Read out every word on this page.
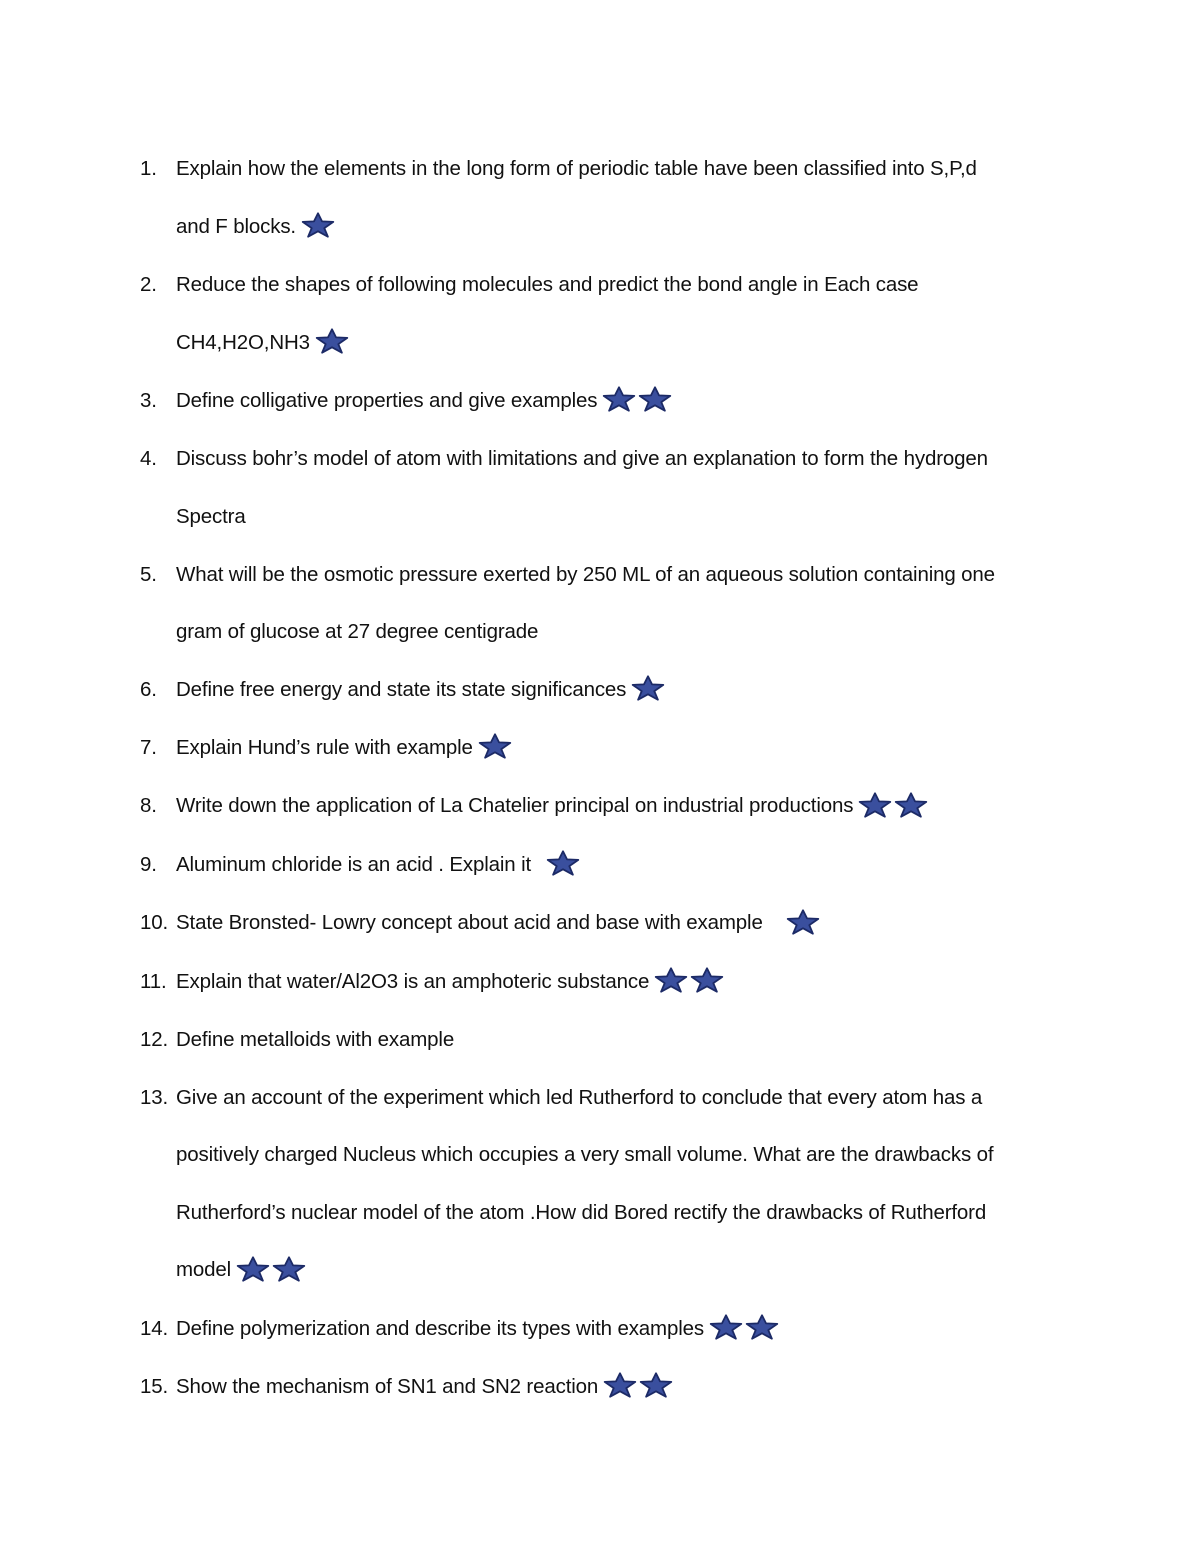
1. Explain how the elements in the long form of periodic table have been classified into S,P,d
and F blocks.
2. Reduce the shapes of following molecules and predict the bond angle in Each case
CH4,H2O,NH3
3. Define colligative properties and give examples
4. Discuss bohr’s model of atom with limitations and give an explanation to form the hydrogen
Spectra
5. What will be the osmotic pressure exerted by 250 ML of an aqueous solution containing one
gram of glucose at 27 degree centigrade
6. Define free energy and state its state significances
7. Explain Hund’s rule with example
8. Write down the application of La Chatelier principal on industrial productions
9. Aluminum chloride is an acid . Explain it
10. State Bronsted- Lowry concept about acid and base with example
11. Explain that water/Al2O3 is an amphoteric substance
12. Define metalloids with example
13. Give an account of the experiment which led Rutherford to conclude that every atom has a
positively charged Nucleus which occupies a very small volume. What are the drawbacks of
Rutherford’s nuclear model of the atom .How did Bored rectify the drawbacks of Rutherford
model
14. Define polymerization and describe its types with examples
15. Show the mechanism of SN1 and SN2 reaction
